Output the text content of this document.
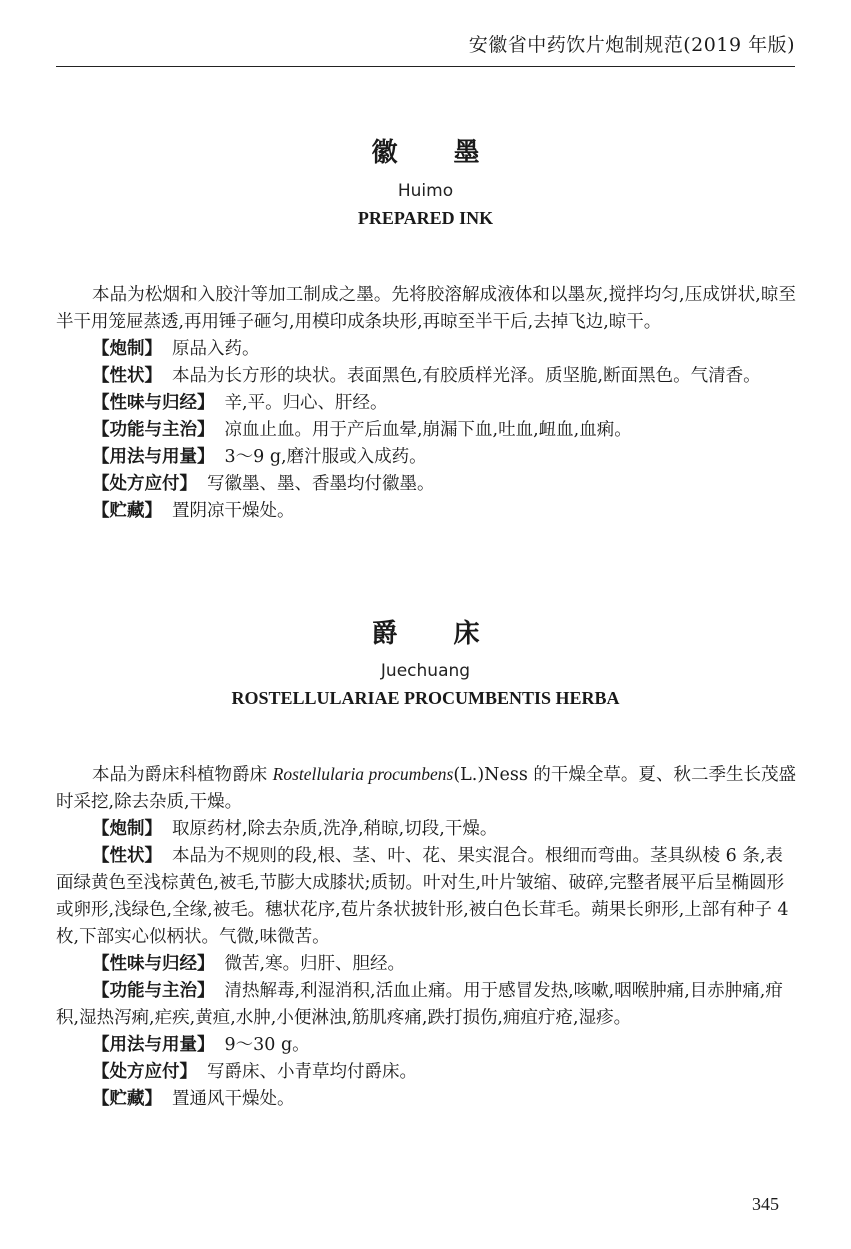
安徽省中药饮片炮制规范(2019 年版)
徽 墨
Huimo
PREPARED INK

本品为松烟和入胶汁等加工制成之墨。先将胶溶解成液体和以墨灰,搅拌均匀,压成饼状,晾至半干用笼屉蒸透,再用锤子砸匀,用模印成条块形,再晾至半干后,去掉飞边,晾干。

【炮制】 原品入药。

【性状】 本品为长方形的块状。表面黑色,有胶质样光泽。质坚脆,断面黑色。气清香。

【性味与归经】 辛,平。归心、肝经。

【功能与主治】 凉血止血。用于产后血晕,崩漏下血,吐血,衄血,血痢。

【用法与用量】 3～9 g,磨汁服或入成药。

【处方应付】 写徽墨、墨、香墨均付徽墨。

【贮藏】 置阴凉干燥处。

爵 床
Juechuang
ROSTELLULARIAE PROCUMBENTIS HERBA

本品为爵床科植物爵床 Rostellularia procumbens(L.)Ness 的干燥全草。夏、秋二季生长茂盛时采挖,除去杂质,干燥。

【炮制】 取原药材,除去杂质,洗净,稍晾,切段,干燥。

【性状】 本品为不规则的段,根、茎、叶、花、果实混合。根细而弯曲。茎具纵棱 6 条,表面绿黄色至浅棕黄色,被毛,节膨大成膝状;质韧。叶对生,叶片皱缩、破碎,完整者展平后呈椭圆形或卵形,浅绿色,全缘,被毛。穗状花序,苞片条状披针形,被白色长茸毛。蒴果长卵形,上部有种子 4 枚,下部实心似柄状。气微,味微苦。

【性味与归经】 微苦,寒。归肝、胆经。

【功能与主治】 清热解毒,利湿消积,活血止痛。用于感冒发热,咳嗽,咽喉肿痛,目赤肿痛,疳积,湿热泻痢,疟疾,黄疸,水肿,小便淋浊,筋肌疼痛,跌打损伤,痈疽疔疮,湿疹。

【用法与用量】 9～30 g。

【处方应付】 写爵床、小青草均付爵床。

【贮藏】 置通风干燥处。

345
